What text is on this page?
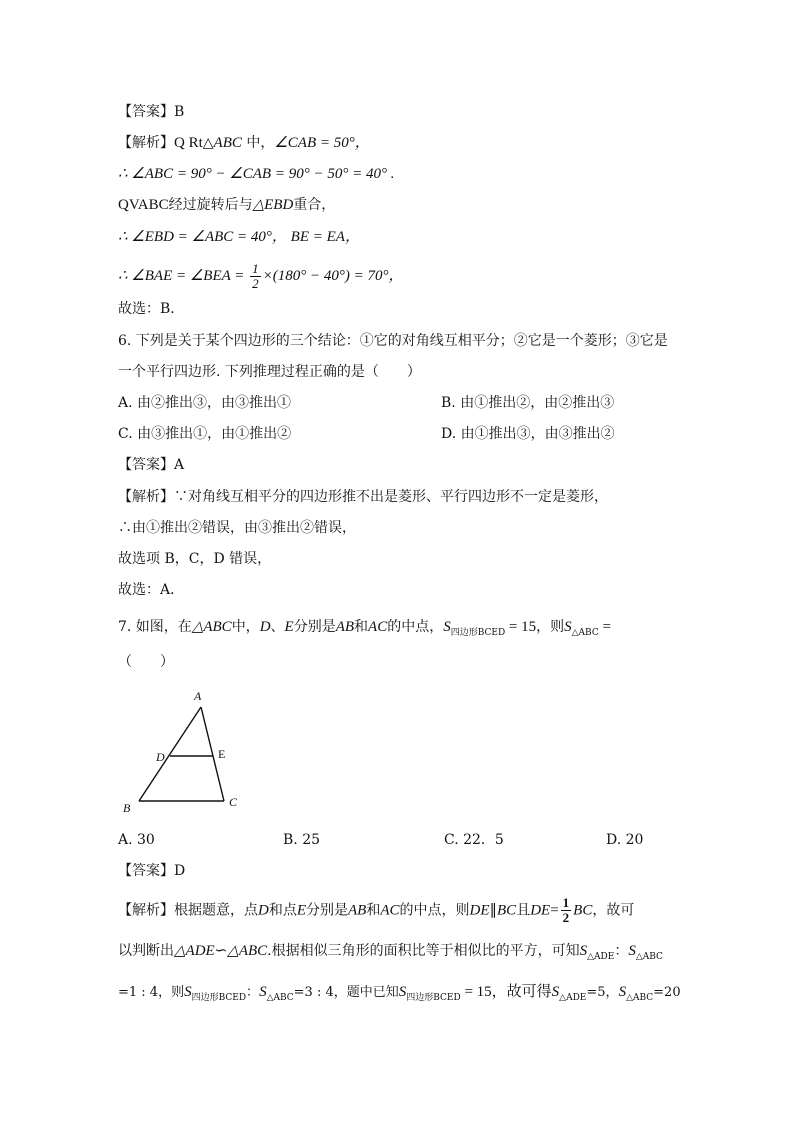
【答案】B
【解析】Q Rt△ABC 中，∠CAB = 50°，
∴ ∠ABC = 90° − ∠CAB = 90° − 50° = 40° .
QVABC经过旋转后与△EBD重合，
∴ ∠EBD = ∠ABC = 40°， BE = EA，
∴ ∠BAE = ∠BEA = $\frac{1}{2} \times(180^\circ - 40^\circ) = 70^\circ$，
故选：B．
6. 下列是关于某个四边形的三个结论：①它的对角线互相平分；②它是一个菱形；③它是
一个平行四边形. 下列推理过程正确的是（　　）
A. 由②推出③，由③推出①	B. 由①推出②，由②推出③
C. 由③推出①，由①推出②	D. 由①推出③，由③推出②
【答案】A
【解析】∵对角线互相平分的四边形推不出是菱形、平行四边形不一定是菱形，
∴由①推出②错误，由③推出②错误，
故选项 B，C，D 错误，
故选：A．
7. 如图，在△ABC中，D、E分别是AB和AC的中点，$S_{四边形BCED} = 15$，则$S_{\triangle ABC}$ =
（　　）
A
B	C
D	E
A. 30	B. 25	C. 22．5	D. 20
【答案】D
【解析】根据题意，点D和点E分别是AB和AC的中点，则DE∥BC且$DE= \frac{1}{2}$ BC，故可
以判断出△ADE∽△ABC.根据相似三角形的面积比等于相似比的平方，可知$S_{\triangle ADE}$：$S_{\triangle ABC}$
=1 : 4，则$S_{四边形BCED}$：$S_{\triangle ABC}=3$ : 4，题中已知$S_{四边形BCED} = 15$，故可得$S_{\triangle ADE}=5$，$S_{\triangle ABC}=20$
